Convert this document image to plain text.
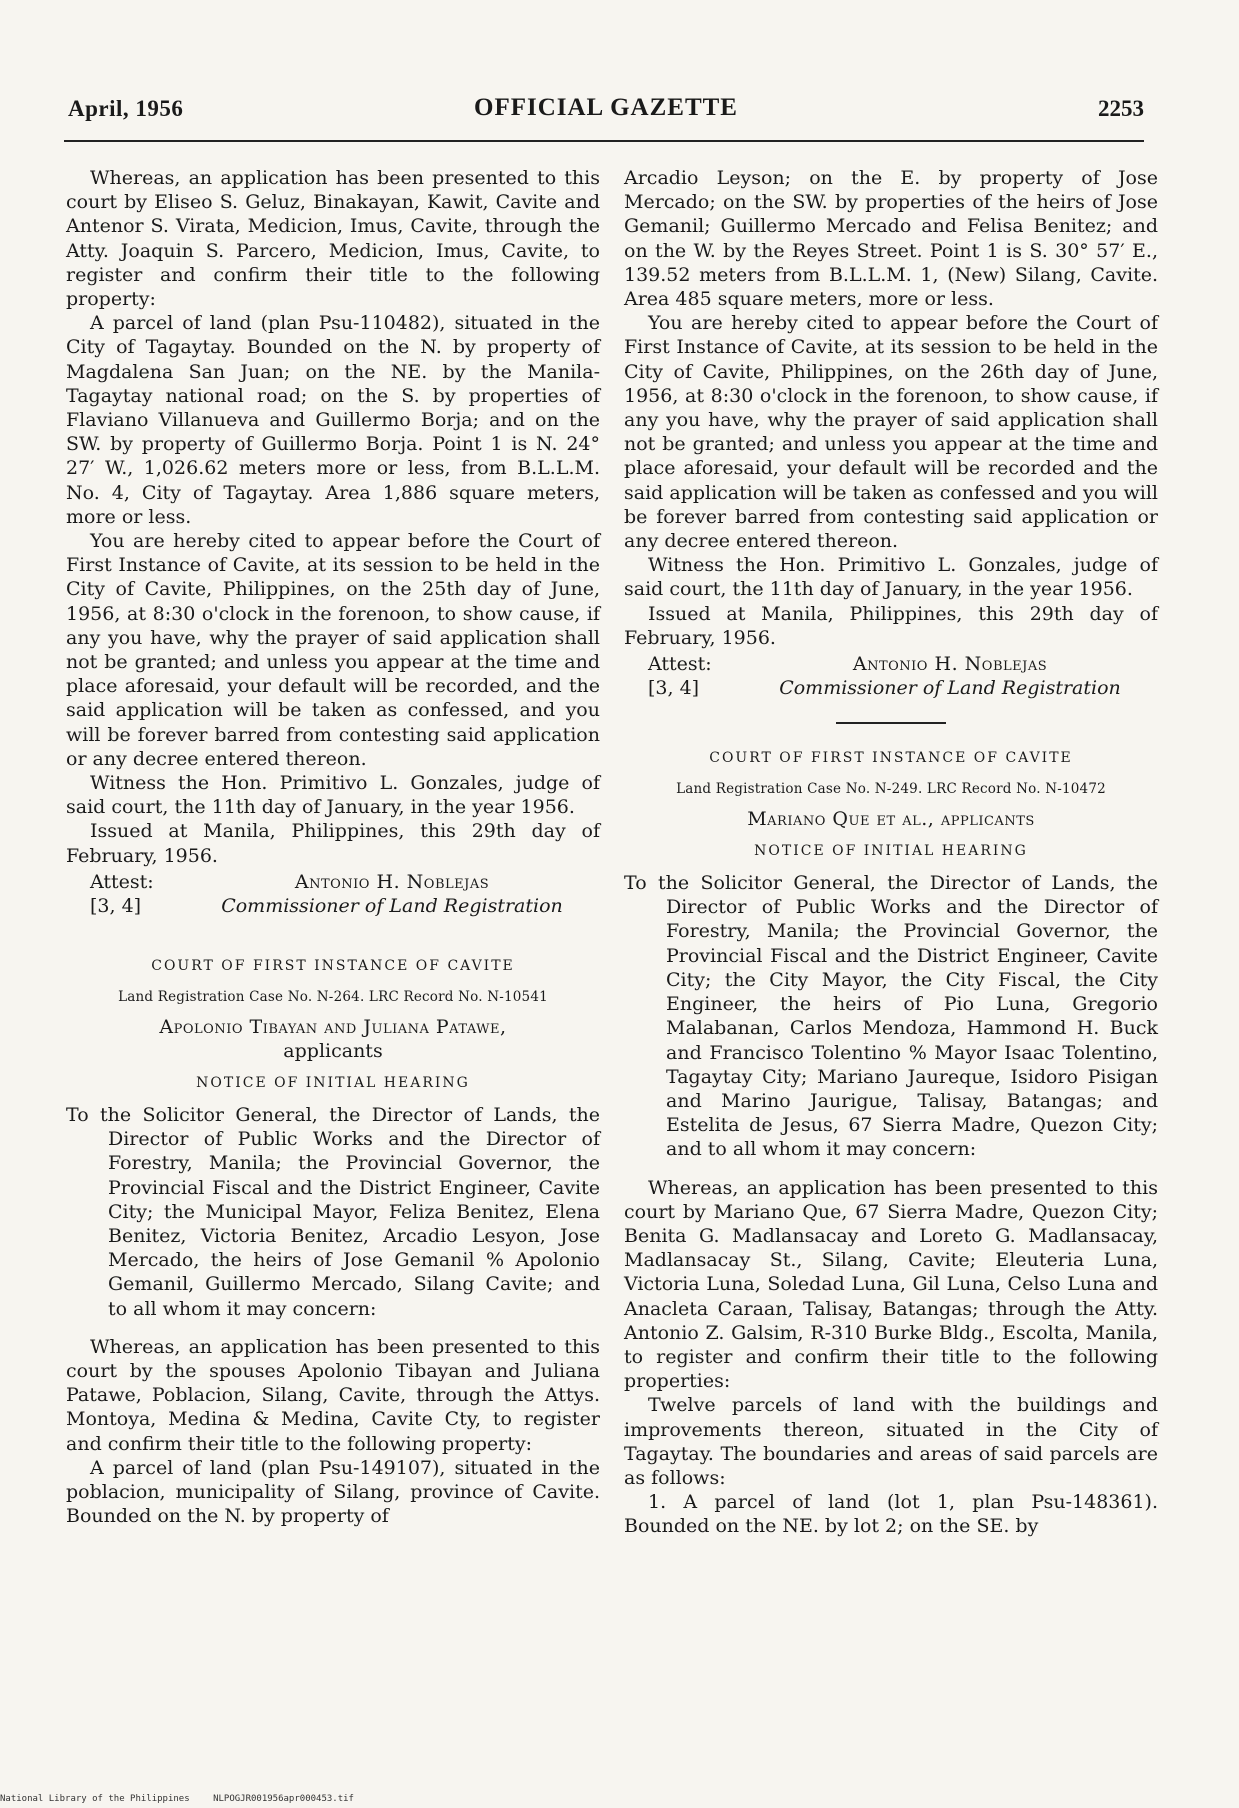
April, 1956	OFFICIAL GAZETTE	2253

Whereas, an application has been presented to this court by Eliseo S. Geluz, Binakayan, Kawit, Cavite and Antenor S. Virata, Medicion, Imus, Cavite, through the Atty. Joaquin S. Parcero, Medicion, Imus, Cavite, to register and confirm their title to the following property:

A parcel of land (plan Psu-110482), situated in the City of Tagaytay. Bounded on the N. by property of Magdalena San Juan; on the NE. by the Manila-Tagaytay national road; on the S. by properties of Flaviano Villanueva and Guillermo Borja; and on the SW. by property of Guillermo Borja. Point 1 is N. 24° 27′ W., 1,026.62 meters more or less, from B.L.L.M. No. 4, City of Tagaytay. Area 1,886 square meters, more or less.

You are hereby cited to appear before the Court of First Instance of Cavite, at its session to be held in the City of Cavite, Philippines, on the 25th day of June, 1956, at 8:30 o'clock in the forenoon, to show cause, if any you have, why the prayer of said application shall not be granted; and unless you appear at the time and place aforesaid, your default will be recorded, and the said application will be taken as confessed, and you will be forever barred from contesting said application or any decree entered thereon.

Witness the Hon. Primitivo L. Gonzales, judge of said court, the 11th day of January, in the year 1956.

Issued at Manila, Philippines, this 29th day of February, 1956.

Attest:
[3, 4]
Antonio H. Noblejas
Commissioner of Land Registration
COURT OF FIRST INSTANCE OF CAVITE
Land Registration Case No. N-264. LRC Record No. N-10541
Apolonio Tibayan and Juliana Patawe,
applicants
NOTICE OF INITIAL HEARING

To the Solicitor General, the Director of Lands, the Director of Public Works and the Director of Forestry, Manila; the Provincial Governor, the Provincial Fiscal and the District Engineer, Cavite City; the Municipal Mayor, Feliza Benitez, Elena Benitez, Victoria Benitez, Arcadio Lesyon, Jose Mercado, the heirs of Jose Gemanil % Apolonio Gemanil, Guillermo Mercado, Silang Cavite; and to all whom it may concern:

Whereas, an application has been presented to this court by the spouses Apolonio Tibayan and Juliana Patawe, Poblacion, Silang, Cavite, through the Attys. Montoya, Medina & Medina, Cavite Cty, to register and confirm their title to the following property:

A parcel of land (plan Psu-149107), situated in the poblacion, municipality of Silang, province of Cavite. Bounded on the N. by property of

Arcadio Leyson; on the E. by property of Jose Mercado; on the SW. by properties of the heirs of Jose Gemanil; Guillermo Mercado and Felisa Benitez; and on the W. by the Reyes Street. Point 1 is S. 30° 57′ E., 139.52 meters from B.L.L.M. 1, (New) Silang, Cavite. Area 485 square meters, more or less.

You are hereby cited to appear before the Court of First Instance of Cavite, at its session to be held in the City of Cavite, Philippines, on the 26th day of June, 1956, at 8:30 o'clock in the forenoon, to show cause, if any you have, why the prayer of said application shall not be granted; and unless you appear at the time and place aforesaid, your default will be recorded and the said application will be taken as confessed and you will be forever barred from contesting said application or any decree entered thereon.

Witness the Hon. Primitivo L. Gonzales, judge of said court, the 11th day of January, in the year 1956.

Issued at Manila, Philippines, this 29th day of February, 1956.

Attest:
[3, 4]
Antonio H. Noblejas
Commissioner of Land Registration
COURT OF FIRST INSTANCE OF CAVITE
Land Registration Case No. N-249. LRC Record No. N-10472
Mariano Que et al., applicants
NOTICE OF INITIAL HEARING

To the Solicitor General, the Director of Lands, the Director of Public Works and the Director of Forestry, Manila; the Provincial Governor, the Provincial Fiscal and the District Engineer, Cavite City; the City Mayor, the City Fiscal, the City Engineer, the heirs of Pio Luna, Gregorio Malabanan, Carlos Mendoza, Hammond H. Buck and Francisco Tolentino % Mayor Isaac Tolentino, Tagaytay City; Mariano Jaureque, Isidoro Pisigan and Marino Jaurigue, Talisay, Batangas; and Estelita de Jesus, 67 Sierra Madre, Quezon City; and to all whom it may concern:

Whereas, an application has been presented to this court by Mariano Que, 67 Sierra Madre, Quezon City; Benita G. Madlansacay and Loreto G. Madlansacay, Madlansacay St., Silang, Cavite; Eleuteria Luna, Victoria Luna, Soledad Luna, Gil Luna, Celso Luna and Anacleta Caraan, Talisay, Batangas; through the Atty. Antonio Z. Galsim, R-310 Burke Bldg., Escolta, Manila, to register and confirm their title to the following properties:

Twelve parcels of land with the buildings and improvements thereon, situated in the City of Tagaytay. The boundaries and areas of said parcels are as follows:

1. A parcel of land (lot 1, plan Psu-148361). Bounded on the NE. by lot 2; on the SE. by

National Library of the Philippines	NLPOGJR001956apr000453.tif
